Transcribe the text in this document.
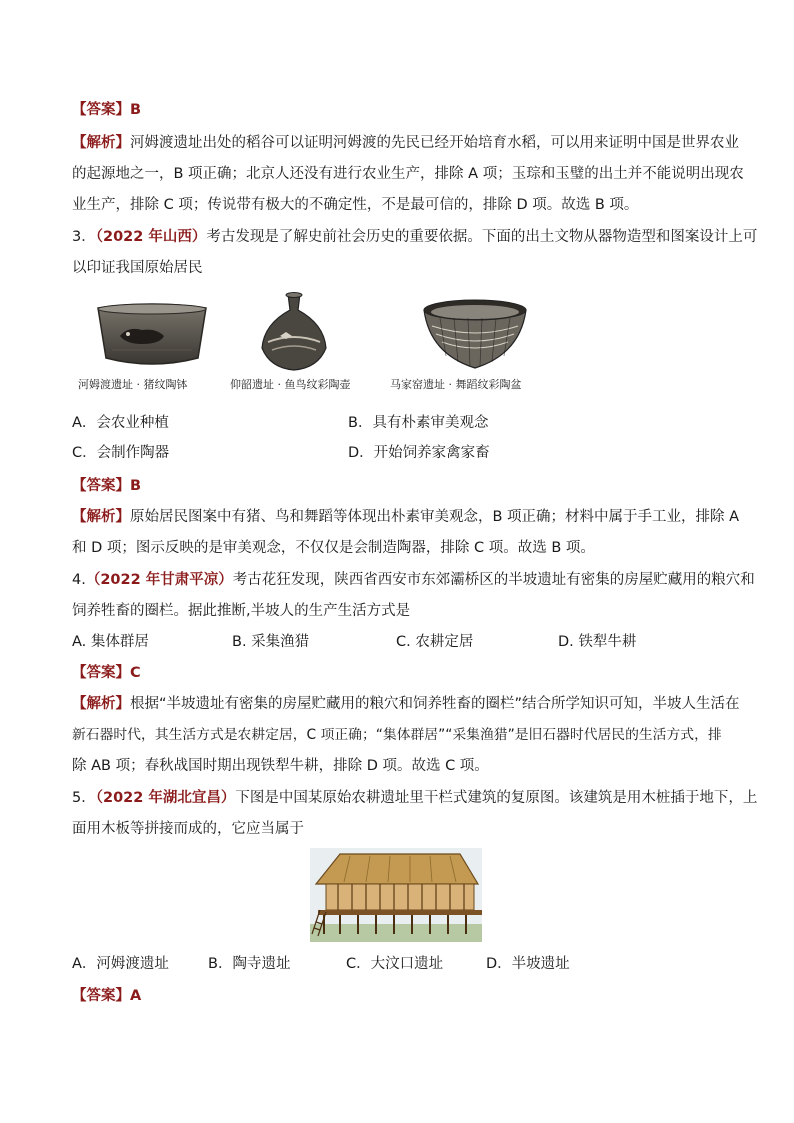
【答案】B
【解析】河姆渡遗址出处的稻谷可以证明河姆渡的先民已经开始培育水稻，可以用来证明中国是世界农业
的起源地之一，B 项正确；北京人还没有进行农业生产，排除 A 项；玉琮和玉璧的出土并不能说明出现农
业生产，排除 C 项；传说带有极大的不确定性，不是最可信的，排除 D 项。故选 B 项。
3．（2022 年山西）考古发现是了解史前社会历史的重要依据。下面的出土文物从器物造型和图案设计上可
以印证我国原始居民
河姆渡遗址 · 猪纹陶钵	仰韶遗址 · 鱼鸟纹彩陶壶	马家窑遗址 · 舞蹈纹彩陶盆
A．会农业种植	B．具有朴素审美观念
C．会制作陶器	D．开始饲养家禽家畜
【答案】B
【解析】原始居民图案中有猪、鸟和舞蹈等体现出朴素审美观念，B 项正确；材料中属于手工业，排除 A
和 D 项；图示反映的是审美观念，不仅仅是会制造陶器，排除 C 项。故选 B 项。
4.（2022 年甘肃平凉）考古花狂发现，陕西省西安市东郊灞桥区的半坡遗址有密集的房屋贮藏用的粮穴和
饲养牲畜的圈栏。据此推断,半坡人的生产生活方式是
A. 集体群居	B. 采集渔猎	C. 农耕定居	D. 铁犁牛耕
【答案】C
【解析】根据“半坡遗址有密集的房屋贮藏用的粮穴和饲养牲畜的圈栏”结合所学知识可知，半坡人生活在
新石器时代，其生活方式是农耕定居，C 项正确；“集体群居”“采集渔猎”是旧石器时代居民的生活方式，排
除 AB 项；春秋战国时期出现铁犁牛耕，排除 D 项。故选 C 项。
5．（2022 年湖北宜昌）下图是中国某原始农耕遗址里干栏式建筑的复原图。该建筑是用木桩插于地下，上
面用木板等拼接而成的，它应当属于
A．河姆渡遗址	B．陶寺遗址	C．大汶口遗址	D．半坡遗址
【答案】A
